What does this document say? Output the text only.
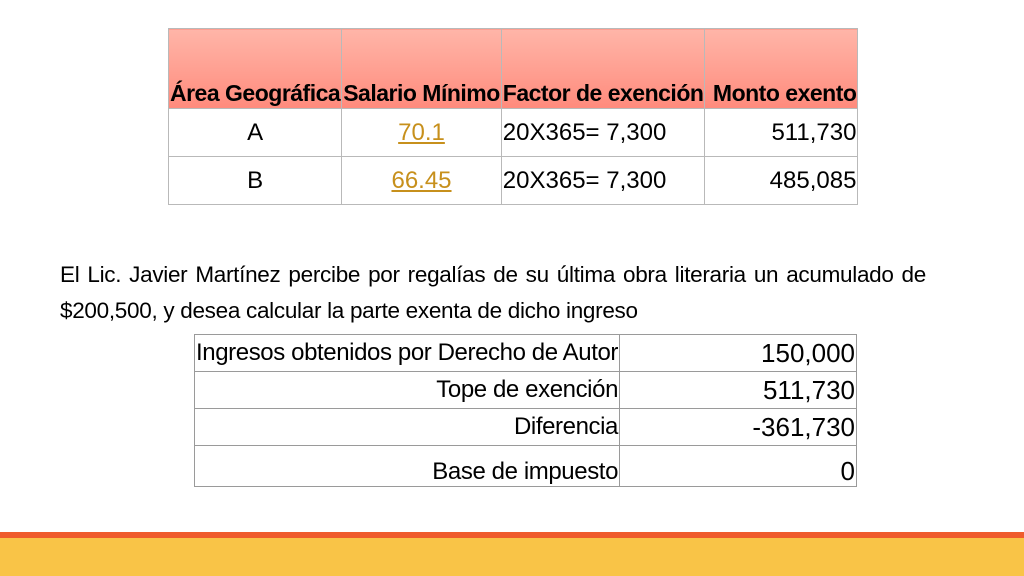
Área Geográfica	Salario Mínimo	Factor de exención	Monto exento
A	70.1	20X365= 7,300	511,730
B	66.45	20X365= 7,300	485,085

El Lic. Javier Martínez percibe por regalías de su última obra literaria un acumulado de $200,500, y desea calcular la parte exenta de dicho ingreso

Ingresos obtenidos por Derecho de Autor	150,000
Tope de exención	511,730
Diferencia	-361,730
Base de impuesto	0
